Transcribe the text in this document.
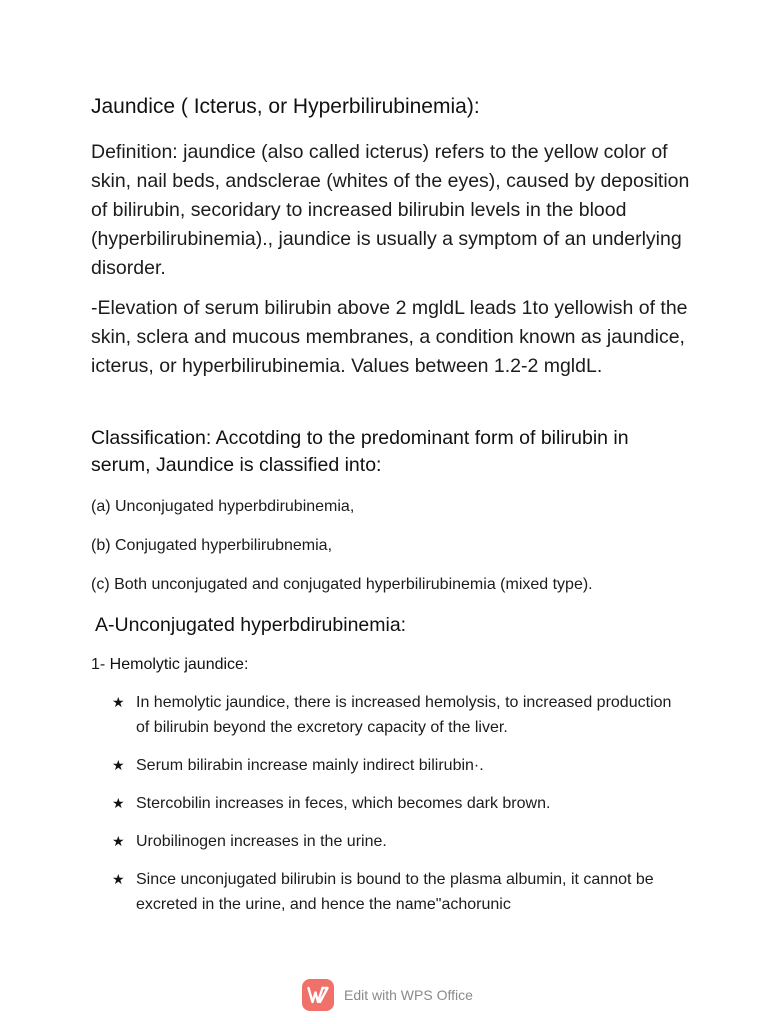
Jaundice ( Icterus, or Hyperbilirubinemia):

Definition: jaundice (also called icterus) refers to the yellow color of skin, nail beds, andsclerae (whites of the eyes), caused by deposition of bilirubin, secoridary to increased bilirubin levels in the blood (hyperbilirubinemia)., jaundice is usually a symptom of an underlying disorder.

-Elevation of serum bilirubin above 2 mgldL leads 1to yellowish of the skin, sclera and mucous membranes, a condition known as jaundice, icterus, or hyperbilirubinemia. Values between 1.2-2 mgldL.

Classification: Accotding to the predominant form of bilirubin in serum, Jaundice is classified into:

(a) Unconjugated hyperbdirubinemia,

(b) Conjugated hyperbilirubnemia,

(c) Both unconjugated and conjugated hyperbilirubinemia (mixed type).

A-Unconjugated hyperbdirubinemia:

1- Hemolytic jaundice:

★ In hemolytic jaundice, there is increased hemolysis, to increased production of bilirubin beyond the excretory capacity of the liver.
★ Serum bilirabin increase mainly indirect bilirubin·.
★ Stercobilin increases in feces, which becomes dark brown.
★ Urobilinogen increases in the urine.
★ Since unconjugated bilirubin is bound to the plasma albumin, it cannot be excreted in the urine, and hence the name"achorunic
Edit with WPS Office
